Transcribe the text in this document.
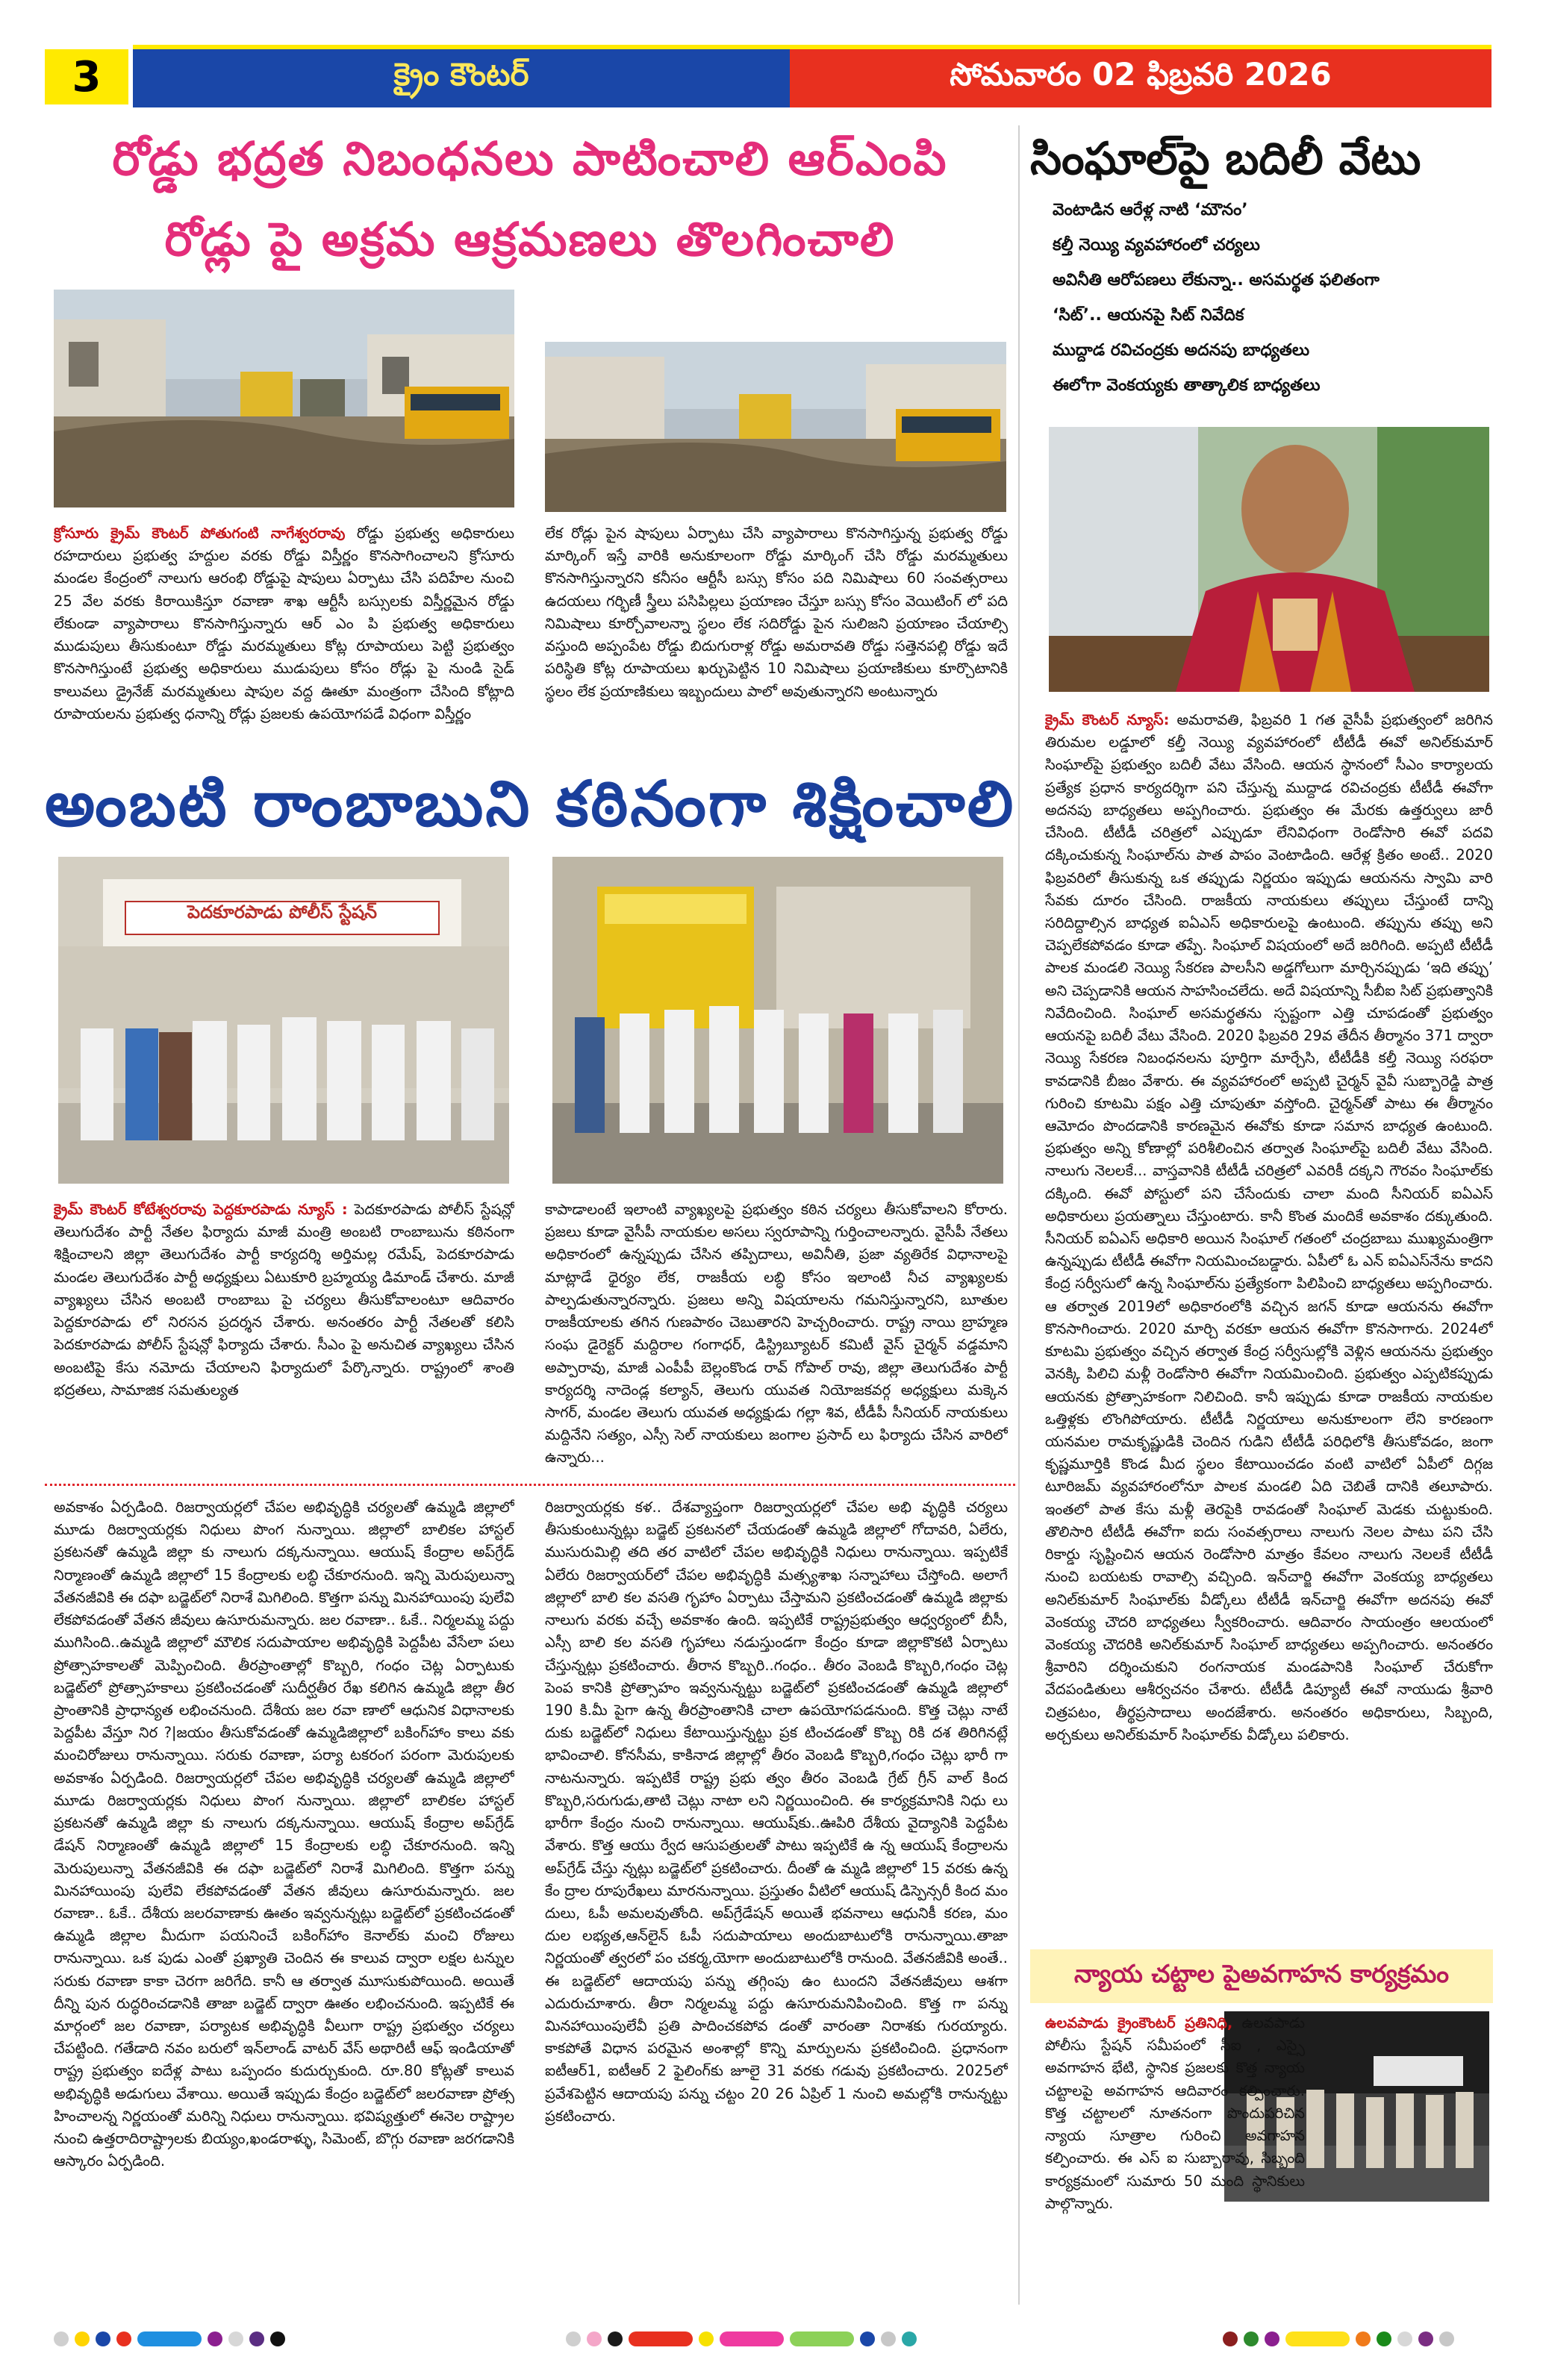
3	క్రైం కౌంటర్	సోమవారం 02 ఫిబ్రవరి 2026
రోడ్డు భద్రత నిబంధనలు పాటించాలి ఆర్ఎంపి
రోడ్లు పై అక్రమ ఆక్రమణలు తొలగించాలి
క్రోసూరు క్రైమ్ కౌంటర్ పోతుగంటి నాగేశ్వరరావు రోడ్డు ప్రభుత్వ అధికారులు రహదారులు ప్రభుత్వ హద్దుల వరకు రోడ్డు విస్తీర్ణం కొనసాగించాలని క్రోసూరు మండల కేంద్రంలో నాలుగు ఆరంభి రోడ్డుపై షాపులు ఏర్పాటు చేసి పదిహేల నుంచి 25 వేల వరకు కిరాయికిస్తూ రవాణా శాఖ ఆర్టీసీ బస్సులకు విస్తీర్ణమైన రోడ్డు లేకుండా వ్యాపారాలు కొనసాగిస్తున్నారు ఆర్ ఎం పి ప్రభుత్వ అధికారులు ముడుపులు తీసుకుంటూ రోడ్డు మరమ్మతులు కోట్ల రూపాయలు పెట్టి ప్రభుత్వం కొనసాగిస్తుంటే ప్రభుత్వ అధికారులు ముడుపులు కోసం రోడ్లు పై నుండి సైడ్ కాలువలు డ్రైనేజ్ మరమ్మతులు షాపుల వద్ద ఊతూ మంత్రంగా చేసింది కోట్లాది రూపాయలను ప్రభుత్వ ధనాన్ని రోడ్లు ప్రజలకు ఉపయోగపడే విధంగా విస్తీర్ణం
లేక రోడ్లు పైన షాపులు ఏర్పాటు చేసి వ్యాపారాలు కొనసాగిస్తున్న ప్రభుత్వ రోడ్డు మార్కింగ్ ఇస్తే వారికి అనుకూలంగా రోడ్డు మార్కింగ్ చేసి రోడ్డు మరమ్మతులు కొనసాగిస్తున్నారని కనీసం ఆర్టీసీ బస్సు కోసం పది నిమిషాలు 60 సంవత్సరాలు ఉదయలు గర్భిణీ స్త్రీలు పసిపిల్లలు ప్రయాణం చేస్తూ బస్సు కోసం వెయిటింగ్ లో పది నిమిషాలు కూర్చోవాలన్నా స్థలం లేక సదిరోడ్డు పైన సులిజని ప్రయాణం చేయాల్సి వస్తుంది అప్పంపేట రోడ్డు బిదుగురాళ్ల రోడ్డు అమరావతి రోడ్డు సత్తెనపల్లి రోడ్డు ఇదే పరిస్థితి కోట్ల రూపాయలు ఖర్చుపెట్టిన 10 నిమిషాలు ప్రయాణికులు కూర్చొటానికి స్థలం లేక ప్రయాణికులు ఇబ్బందులు పాలో అవుతున్నారని అంటున్నారు
అంబటి రాంబాబుని కఠినంగా శిక్షించాలి
పెదకూరపాడు పోలీస్ స్టేషన్
క్రైమ్ కౌంటర్ కోటేశ్వరరావు పెద్దకూరపాడు న్యూస్ : పెదకూరపాడు పోలీస్ స్టేషన్లో తెలుగుదేశం పార్టీ నేతల ఫిర్యాదు మాజీ మంత్రి అంబటి రాంబాబును కఠినంగా శిక్షించాలని జిల్లా తెలుగుదేశం పార్టీ కార్యదర్శి అర్తిమల్ల రమేష్, పెదకూరపాడు మండల తెలుగుదేశం పార్టీ అధ్యక్షులు ఏటుకూరి బ్రహ్మయ్య డిమాండ్ చేశారు. మాజీ వ్యాఖ్యలు చేసిన అంబటి రాంబాబు పై చర్యలు తీసుకోవాలంటూ ఆదివారం పెద్దకూరపాడు లో నిరసన ప్రదర్శన చేశారు. అనంతరం పార్టీ నేతలతో కలిసి పెదకూరపాడు పోలీస్ స్టేషన్లో ఫిర్యాదు చేశారు. సీఎం పై అనుచిత వ్యాఖ్యలు చేసిన అంబటిపై కేసు నమోదు చేయాలని ఫిర్యాదులో పేర్కొన్నారు. రాష్ట్రంలో శాంతి భద్రతలు, సామాజిక సమతుల్యత
కాపాడాలంటే ఇలాంటి వ్యాఖ్యలపై ప్రభుత్వం కఠిన చర్యలు తీసుకోవాలని కోరారు. ప్రజలు కూడా వైసీపీ నాయకుల అసలు స్వరూపాన్ని గుర్తించాలన్నారు. వైసీపీ నేతలు అధికారంలో ఉన్నప్పుడు చేసిన తప్పిదాలు, అవినీతి, ప్రజా వ్యతిరేక విధానాలపై మాట్లాడే ధైర్యం లేక, రాజకీయ లబ్ధి కోసం ఇలాంటి నీచ వ్యాఖ్యలకు పాల్పడుతున్నారన్నారు. ప్రజలు అన్ని విషయాలను గమనిస్తున్నారని, బూతుల రాజకీయాలకు తగిన గుణపాఠం చెబుతారని హెచ్చరించారు. రాష్ట్ర నాయి బ్రాహ్మణ సంఘ డైరెక్టర్ మద్దిరాల గంగాధర్, డిస్ట్రిబ్యూటర్ కమిటీ వైస్ చైర్మన్ వడ్డమాని అప్పారావు, మాజీ ఎంపీపీ బెల్లంకొండ రావ్ గోపాల్ రావు, జిల్లా తెలుగుదేశం పార్టీ కార్యదర్శి నాదెండ్ల కల్యాన్, తెలుగు యువత నియోజకవర్గ అధ్యక్షులు మక్కెన సాగర్, మండల తెలుగు యువత అధ్యక్షుడు గల్లా శివ, టీడీపీ సీనియర్ నాయకులు మద్దినేని సత్యం, ఎస్సీ సెల్ నాయకులు జంగాల ప్రసాద్ లు ఫిర్యాదు చేసిన వారిలో ఉన్నారు...
అవకాశం ఏర్పడింది. రిజర్వాయర్లలో చేపల అభివృద్ధికి చర్యలతో ఉమ్మడి జిల్లాలో మూడు రిజర్వాయర్లకు నిధులు పొంగ నున్నాయి. జిల్లాలో బాలికల హాస్టల్ ప్రకటనతో ఉమ్మడి జిల్లా కు నాలుగు దక్కనున్నాయి. ఆయుష్ కేంద్రాల అప్‌గ్రేడ్ నిర్మాణంతో ఉమ్మడి జిల్లాలో 15 కేంద్రాలకు లబ్ధి చేకూరనుంది. ఇన్ని మెరుపులున్నా వేతనజీవికి ఈ దఫా బడ్జెట్‌లో నిరాశే మిగిలింది. కొత్తగా పన్ను మినహాయింపు పులేవి లేకపోవడంతో వేతన జీవులు ఉసూరుమన్నారు. జల రవాణా.. ఓకే.. నిర్మలమ్మ పద్దు ముగిసింది..ఉమ్మడి జిల్లాలో మౌలిక సదుపాయాల అభివృద్ధికి పెద్దపీట వేసేలా పలు ప్రోత్సాహకాలతో మెప్పించింది. తీరప్రాంతాల్లో కొబ్బరి, గంధం చెట్ల ఏర్పాటుకు బడ్జెట్‌లో ప్రోత్సాహకాలు ప్రకటించడంతో సుదీర్ఘతీర రేఖ కలిగిన ఉమ్మడి జిల్లా తీర ప్రాంతానికి ప్రాధాన్యత లభించనుంది. దేశీయ జల రవా ణాలో ఆధునిక విధానాలకు పెద్దపీట వేస్తూ నిర ?|జయం తీసుకోవడంతో ఉమ్మడిజిల్లాలో బకింగ్‌హాం కాలు వకు మంచిరోజులు రానున్నాయి. సరుకు రవాణా, పర్యా టకరంగ పరంగా మెరుపులకు అవకాశం ఏర్పడింది. రిజర్వాయర్లలో చేపల అభివృద్ధికి చర్యలతో ఉమ్మడి జిల్లాలో మూడు రిజర్వాయర్లకు నిధులు పొంగ నున్నాయి. జిల్లాలో బాలికల హాస్టల్ ప్రకటనతో ఉమ్మడి జిల్లా కు నాలుగు దక్కనున్నాయి. ఆయుష్ కేంద్రాల అప్‌గ్రేడ్ డేషన్ నిర్మాణంతో ఉమ్మడి జిల్లాలో 15 కేంద్రాలకు లబ్ధి చేకూరనుంది. ఇన్ని మెరుపులున్నా వేతనజీవికి ఈ దఫా బడ్జెట్‌లో నిరాశే మిగిలింది. కొత్తగా పన్ను మినహాయింపు పులేవి లేకపోవడంతో వేతన జీవులు ఉసూరుమన్నారు. జల రవాణా.. ఓకే.. దేశీయ జలరవాణాకు ఊతం ఇవ్వనున్నట్లు బడ్జెట్‌లో ప్రకటించడంతో ఉమ్మడి జిల్లాల మీదుగా పయనించే బకింగ్‌హాం కెనాల్‌కు మంచి రోజులు రానున్నాయి. ఒక పుడు ఎంతో ప్రఖ్యాతి చెందిన ఈ కాలువ ద్వారా లక్షల టన్నుల సరుకు రవాణా కాకా చెరగా జరిగేది. కానీ ఆ తర్వాత మూసుకుపోయింది. అయితే దీన్ని పున రుద్ధరించడానికి తాజా బడ్జెట్ ద్వారా ఊతం లభించనుంది. ఇప్పటికే ఈ మార్గంలో జల రవాణా, పర్యాటక అభివృద్ధికి వీలుగా రాష్ట్ర ప్రభుత్వం చర్యలు చేపట్టింది. గతేడాది నవం బరులో ఇన్‌లాండ్ వాటర్ వేస్ అథారిటీ ఆఫ్ ఇండియాతో రాష్ట్ర ప్రభుత్వం ఐదేళ్ల పాటు ఒప్పందం కుదుర్చుకుంది. రూ.80 కోట్లతో కాలువ అభివృద్ధికి అడుగులు వేశాయి. అయితే ఇప్పుడు కేంద్రం బడ్జెట్‌లో జలరవాణా ప్రోత్స హించాలన్న నిర్ణయంతో మరిన్ని నిధులు రానున్నాయి. భవిష్యత్తులో ఈనెల రాష్ట్రాల నుంచి ఉత్తరాదిరాష్ట్రాలకు బియ్యం,ఖండరాళ్ళు, సిమెంట్, బొగ్గు రవాణా జరగడానికి ఆస్కారం ఏర్పడింది.
రిజర్వాయర్లకు కళ.. దేశవ్యాప్తంగా రిజర్వాయర్లలో చేపల అభి వృద్ధికి చర్యలు తీసుకుంటున్నట్లు బడ్జెట్ ప్రకటనలో చేయడంతో ఉమ్మడి జిల్లాలో గోదావరి, ఏలేరు, ముసురుమిల్లి తది తర వాటిలో చేపల అభివృద్ధికి నిధులు రానున్నాయి. ఇప్పటికే ఏలేరు రిజర్వాయర్‌లో చేపల అభివృద్ధికి మత్స్యశాఖ సన్నాహాలు చేస్తోంది. అలాగే జిల్లాలో బాలి కల వసతి గృహాం ఏర్పాటు చేస్తామని ప్రకటించడంతో ఉమ్మడి జిల్లాకు నాలుగు వరకు వచ్చే అవకాశం ఉంది. ఇప్పటికే రాష్ట్రప్రభుత్వం ఆధ్వర్యంలో బీసీ, ఎస్సీ బాలి కల వసతి గృహాలు నడుస్తుండగా కేంద్రం కూడా జిల్లాకొకటి ఏర్పాటు చేస్తున్నట్లు ప్రకటించారు. తీరాన కొబ్బరి..గంధం.. తీరం వెంబడి కొబ్బరి,గంధం చెట్ల పెంప కానికి ప్రోత్సాహం ఇవ్వనున్నట్టు బడ్జెట్‌లో ప్రకటించడంతో ఉమ్మడి జిల్లాలో 190 కి.మీ పైగా ఉన్న తీరప్రాంతానికి చాలా ఉపయోగపడనుంది. కొత్త చెట్లు నాటే దుకు బడ్జెట్‌లో నిధులు కేటాయిస్తున్నట్టు ప్రక టించడంతో కొబ్బ రికి దశ తిరిగినట్లే భావించాలి. కోనసీమ, కాకినాడ జిల్లాల్లో తీరం వెంబడి కొబ్బరి,గంధం చెట్లు భారీ గా నాటనున్నారు. ఇప్పటికే రాష్ట్ర ప్రభు త్వం తీరం వెంబడి గ్రేట్ గ్రీన్ వాల్ కింద కొబ్బరి,సరుగుడు,తాటి చెట్లు నాటా లని నిర్ణయించింది. ఈ కార్యక్రమానికి నిధు లు భారీగా కేంద్రం నుంచి రానున్నాయి. ఆయుష్‌కు..ఊపిరి దేశీయ వైద్యానికి పెద్దపీట వేశారు. కొత్త ఆయు ర్వేద ఆసుపత్రులతో పాటు ఇప్పటికే ఉ న్న ఆయుష్ కేంద్రాలను అప్‌గ్రేడ్ చేస్తు న్నట్లు బడ్జెట్‌లో ప్రకటించారు. దీంతో ఉ మ్మడి జిల్లాలో 15 వరకు ఉన్న కేం ద్రాల రూపురేఖలు మారనున్నాయి. ప్రస్తుతం వీటిలో ఆయుష్ డిస్పెన్సరీ కింద మం దులు, ఓపీ అమలవుతోంది. అప్‌గ్రేడేషన్ అయితే భవనాలు ఆధునికీ కరణ, మం దుల లభ్యత,ఆన్‌లైన్ ఓపీ సదుపాయాలు అందుబాటులోకి రానున్నాయి.తాజా నిర్ణయంతో త్వరలో పం చకర్మ,యోగా అందుబాటులోకి రానుంది. వేతనజీవికి అంతే.. ఈ బడ్జెట్‌లో ఆదాయపు పన్ను తగ్గింపు ఉం టుందని వేతనజీవులు ఆశగా ఎదురుచూశారు. తీరా నిర్మలమ్మ పద్దు ఉసూరుమనిపించింది. కొత్త గా పన్ను మినహాయింపులేవీ ప్రతి పాదించకపోవ డంతో వారంతా నిరాశకు గురయ్యారు. కాకపోతే విధాన పరమైన అంశాల్లో కొన్ని మార్పులను ప్రకటించింది. ప్రధానంగా ఐటీఆర్1, ఐటీఆర్ 2 ఫైలింగ్‌కు జూలై 31 వరకు గడువు ప్రకటించారు. 2025లో ప్రవేశపెట్టిన ఆదాయపు పన్ను చట్టం 20 26 ఏప్రిల్ 1 నుంచి అమల్లోకి రానున్నట్టు ప్రకటించారు.
సింఘాల్‌పై బదిలీ వేటు
వెంటాడిన ఆరేళ్ల నాటి ‘మౌనం’
కల్తీ నెయ్యి వ్యవహారంలో చర్యలు
అవినీతి ఆరోపణలు లేకున్నా.. అసమర్థత ఫలితంగా
‘సిట్’.. ఆయనపై సిట్ నివేదిక
ముద్దాడ రవిచంద్రకు అదనపు బాధ్యతలు
ఈలోగా వెంకయ్యకు తాత్కాలిక బాధ్యతలు
క్రైమ్ కౌంటర్ న్యూస్: అమరావతి, ఫిబ్రవరి 1 గత వైసీపీ ప్రభుత్వంలో జరిగిన తిరుమల లడ్డూలో కల్తీ నెయ్యి వ్యవహారంలో టీటీడీ ఈవో అనిల్‌కుమార్ సింఘాల్‌పై ప్రభుత్వం బదిలీ వేటు వేసింది. ఆయన స్థానంలో సీఎం కార్యాలయ ప్రత్యేక ప్రధాన కార్యదర్శిగా పని చేస్తున్న ముద్దాడ రవిచంద్రకు టీటీడీ ఈవోగా అదనపు బాధ్యతలు అప్పగించారు. ప్రభుత్వం ఈ మేరకు ఉత్తర్వులు జారీ చేసింది. టీటీడీ చరిత్రలో ఎప్పుడూ లేనివిధంగా రెండోసారి ఈవో పదవి దక్కించుకున్న సింఘాల్‌ను పాత పాపం వెంటాడింది. ఆరేళ్ల క్రితం అంటే.. 2020 ఫిబ్రవరిలో తీసుకున్న ఒక తప్పుడు నిర్ణయం ఇప్పుడు ఆయనను స్వామి వారి సేవకు దూరం చేసింది. రాజకీయ నాయకులు తప్పులు చేస్తుంటే దాన్ని సరిదిద్దాల్సిన బాధ్యత ఐఏఎస్ అధికారులపై ఉంటుంది. తప్పును తప్పు అని చెప్పలేకపోవడం కూడా తప్పే. సింఘాల్ విషయంలో అదే జరిగింది. అప్పటి టీటీడీ పాలక మండలి నెయ్యి సేకరణ పాలసీని అడ్డగోలుగా మార్చినప్పుడు ‘ఇది తప్పు’ అని చెప్పడానికి ఆయన సాహసించలేదు. అదే విషయాన్ని సీబీఐ సిట్ ప్రభుత్వానికి నివేదించింది. సింఘాల్ అసమర్థతను స్పష్టంగా ఎత్తి చూపడంతో ప్రభుత్వం ఆయనపై బదిలీ వేటు వేసింది. 2020 ఫిబ్రవరి 29వ తేదీన తీర్మానం 371 ద్వారా నెయ్యి సేకరణ నిబంధనలను పూర్తిగా మార్చేసి, టీటీడీకి కల్తీ నెయ్యి సరఫరా కావడానికి బీజం వేశారు. ఈ వ్యవహారంలో అప్పటి చైర్మన్ వైవీ సుబ్బారెడ్డి పాత్ర గురించి కూటమి పక్షం ఎత్తి చూపుతూ వస్తోంది. చైర్మన్‌తో పాటు ఈ తీర్మానం ఆమోదం పొందడానికి కారణమైన ఈవోకు కూడా సమాన బాధ్యత ఉంటుంది. ప్రభుత్వం అన్ని కోణాల్లో పరిశీలించిన తర్వాత సింఘాల్‌పై బదిలీ వేటు వేసింది. నాలుగు నెలలకే... వాస్తవానికి టీటీడీ చరిత్రలో ఎవరికీ దక్కని గౌరవం సింఘాల్‌కు దక్కింది. ఈవో పోస్టులో పని చేసేందుకు చాలా మంది సీనియర్ ఐఏఎస్ అధికారులు ప్రయత్నాలు చేస్తుంటారు. కానీ కొంత మందికే అవకాశం దక్కుతుంది. సీనియర్ ఐఏఎస్ అధికారి అయిన సింఘాల్ గతంలో చంద్రబాబు ముఖ్యమంత్రిగా ఉన్నప్పుడు టీటీడీ ఈవోగా నియమించబడ్డారు. ఏపీలో ఓ ఎన్ ఐఏఎస్‌నేను కాదని కేంద్ర సర్వీసులో ఉన్న సింఘాల్‌ను ప్రత్యేకంగా పిలిపించి బాధ్యతలు అప్పగించారు. ఆ తర్వాత 2019లో అధికారంలోకి వచ్చిన జగన్ కూడా ఆయనను ఈవోగా కొనసాగించారు. 2020 మార్చి వరకూ ఆయన ఈవోగా కొనసాగారు. 2024లో కూటమి ప్రభుత్వం వచ్చిన తర్వాత కేంద్ర సర్వీసుల్లోకి వెళ్లిన ఆయనను ప్రభుత్వం వెనక్కి పిలిచి మళ్లీ రెండోసారి ఈవోగా నియమించింది. ప్రభుత్వం ఎప్పటికప్పుడు ఆయనకు ప్రోత్సాహకంగా నిలిచింది. కానీ ఇప్పుడు కూడా రాజకీయ నాయకుల ఒత్తిళ్లకు లొంగిపోయారు. టీటీడీ నిర్ణయాలు అనుకూలంగా లేని కారణంగా యనమల రామకృష్ణుడికి చెందిన గుడిని టీటీడీ పరిధిలోకి తీసుకోవడం, జంగా కృష్ణమూర్తికి కొండ మీద స్థలం కేటాయించడం వంటి వాటిలో ఏపీలో దిగ్గజ టూరిజమ్ వ్యవహారంలోనూ పాలక మండలి ఏది చెబితే దానికి తలూపారు. ఇంతలో పాత కేసు మళ్లీ తెరపైకి రావడంతో సింఘాల్ మెడకు చుట్టుకుంది. తొలిసారి టీటీడీ ఈవోగా ఐదు సంవత్సరాలు నాలుగు నెలల పాటు పని చేసి రికార్డు సృష్టించిన ఆయన రెండోసారి మాత్రం కేవలం నాలుగు నెలలకే టీటీడీ నుంచి బయటకు రావాల్సి వచ్చింది. ఇన్‌చార్జి ఈవోగా వెంకయ్య బాధ్యతలు అనిల్‌కుమార్ సింఘాల్‌కు వీడ్కోలు టీటీడీ ఇన్‌చార్జి ఈవోగా అదనపు ఈవో వెంకయ్య చౌదరి బాధ్యతలు స్వీకరించారు. ఆదివారం సాయంత్రం ఆలయంలో వెంకయ్య చౌదరికి అనిల్‌కుమార్ సింఘాల్ బాధ్యతలు అప్పగించారు. అనంతరం శ్రీవారిని దర్శించుకుని రంగనాయక మండపానికి సింఘాల్ చేరుకోగా వేదపండితులు ఆశీర్వచనం చేశారు. టీటీడీ డిప్యూటీ ఈవో నాయుడు శ్రీవారి చిత్రపటం, తీర్థప్రసాదాలు అందజేశారు. అనంతరం అధికారులు, సిబ్బంది, అర్చకులు అనిల్‌కుమార్ సింఘాల్‌కు వీడ్కోలు పలికారు.
న్యాయ చట్టాల పైఅవగాహన కార్యక్రమం
ఉలవపాడు క్రైంకౌంటర్ ప్రతినిధి, ఉలవపాడు పోలీసు స్టేషన్ సమీపంలో సీఐ , ఎస్సై అవగాహన భేటి, స్థానిక ప్రజలకు కొత్త న్యాయ చట్టాలపై అవగాహన ఆదివారం కల్పించారు. కొత్త చట్టాలలో నూతనంగా పొందుపరిచిన న్యాయ సూత్రాల గురించి అవగాహన కల్పించారు. ఈ ఎస్ ఐ సుబ్బారావు, సిబ్బంది కార్యక్రమంలో సుమారు 50 మంది స్థానికులు పాల్గొన్నారు.
